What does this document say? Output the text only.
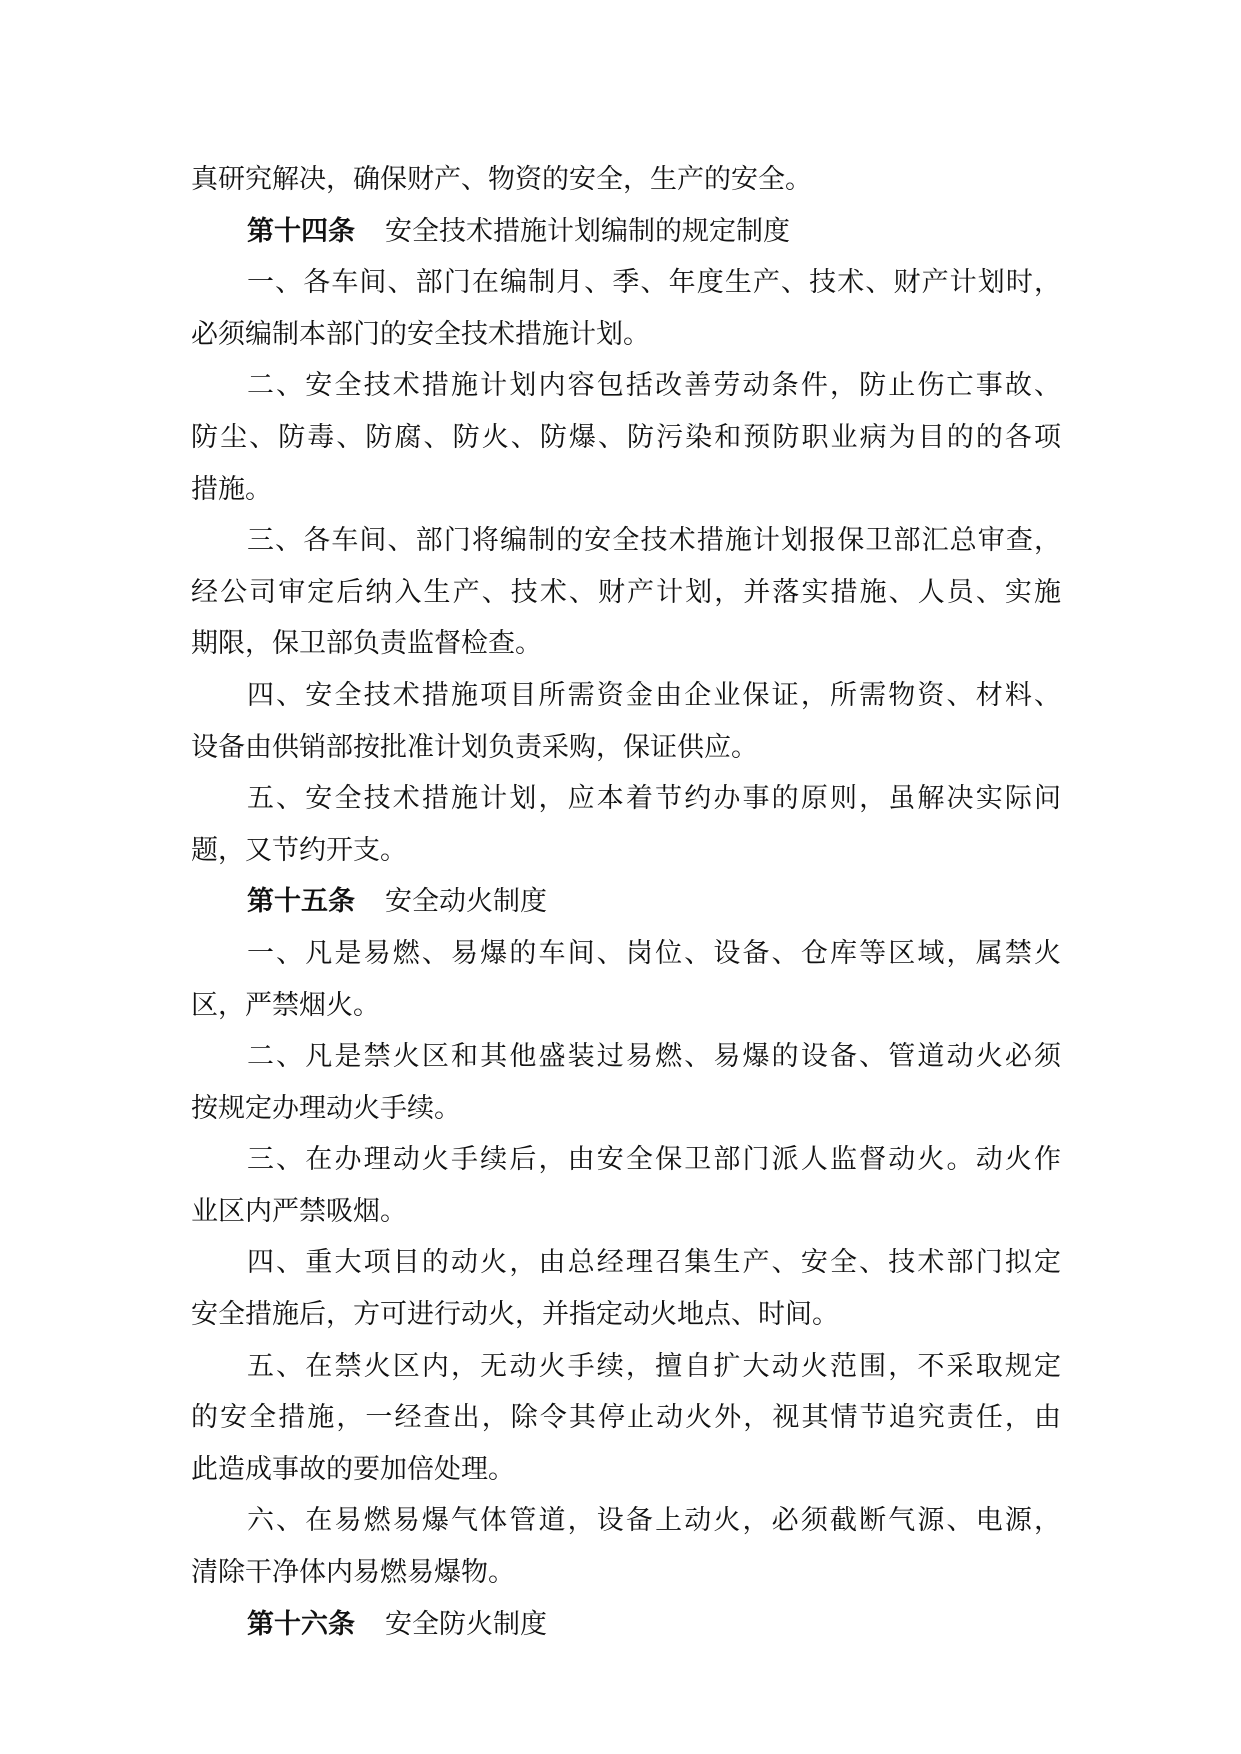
真研究解决，确保财产、物资的安全，生产的安全。
第十四条 安全技术措施计划编制的规定制度
一、各车间、部门在编制月、季、年度生产、技术、财产计划时，
必须编制本部门的安全技术措施计划。
二、安全技术措施计划内容包括改善劳动条件，防止伤亡事故、
防尘、防毒、防腐、防火、防爆、防污染和预防职业病为目的的各项
措施。
三、各车间、部门将编制的安全技术措施计划报保卫部汇总审查，
经公司审定后纳入生产、技术、财产计划，并落实措施、人员、实施
期限，保卫部负责监督检查。
四、安全技术措施项目所需资金由企业保证，所需物资、材料、
设备由供销部按批准计划负责采购，保证供应。
五、安全技术措施计划，应本着节约办事的原则，虽解决实际问
题，又节约开支。
第十五条 安全动火制度
一、凡是易燃、易爆的车间、岗位、设备、仓库等区域，属禁火
区，严禁烟火。
二、凡是禁火区和其他盛装过易燃、易爆的设备、管道动火必须
按规定办理动火手续。
三、在办理动火手续后，由安全保卫部门派人监督动火。动火作
业区内严禁吸烟。
四、重大项目的动火，由总经理召集生产、安全、技术部门拟定
安全措施后，方可进行动火，并指定动火地点、时间。
五、在禁火区内，无动火手续，擅自扩大动火范围，不采取规定
的安全措施，一经查出，除令其停止动火外，视其情节追究责任，由
此造成事故的要加倍处理。
六、在易燃易爆气体管道，设备上动火，必须截断气源、电源，
清除干净体内易燃易爆物。
第十六条 安全防火制度
